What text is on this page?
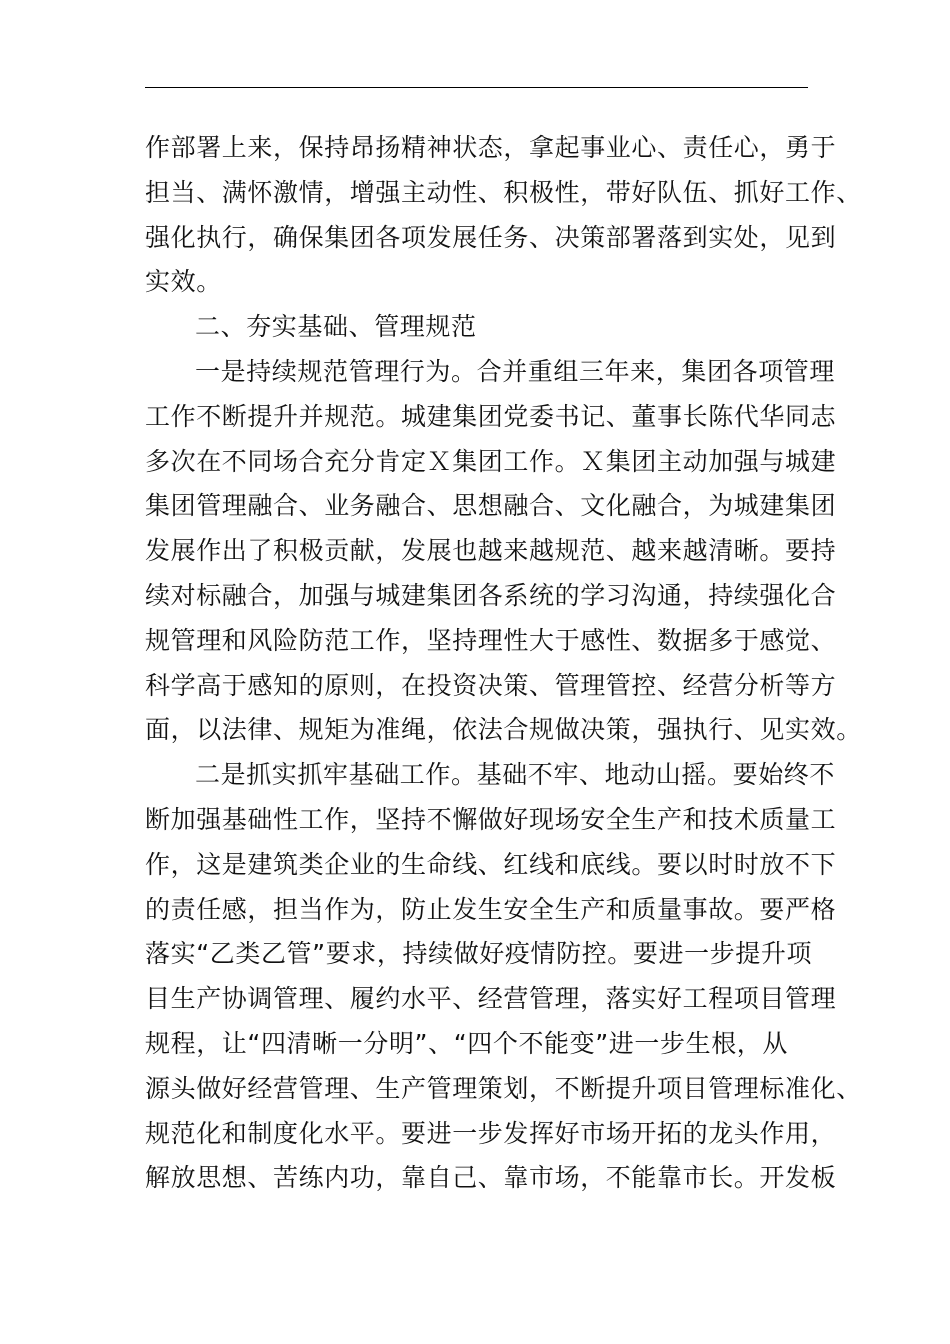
作部署上来，保持昂扬精神状态，拿起事业心、责任心，勇于
担当、满怀激情，增强主动性、积极性，带好队伍、抓好工作、
强化执行，确保集团各项发展任务、决策部署落到实处，见到
实效。
二、夯实基础、管理规范
一是持续规范管理行为。合并重组三年来，集团各项管理
工作不断提升并规范。城建集团党委书记、董事长陈代华同志
多次在不同场合充分肯定Ｘ集团工作。Ｘ集团主动加强与城建
集团管理融合、业务融合、思想融合、文化融合，为城建集团
发展作出了积极贡献，发展也越来越规范、越来越清晰。要持
续对标融合，加强与城建集团各系统的学习沟通，持续强化合
规管理和风险防范工作，坚持理性大于感性、数据多于感觉、
科学高于感知的原则，在投资决策、管理管控、经营分析等方
面，以法律、规矩为准绳，依法合规做决策，强执行、见实效。
二是抓实抓牢基础工作。基础不牢、地动山摇。要始终不
断加强基础性工作，坚持不懈做好现场安全生产和技术质量工
作，这是建筑类企业的生命线、红线和底线。要以时时放不下
的责任感，担当作为，防止发生安全生产和质量事故。要严格
落实“乙类乙管”要求，持续做好疫情防控。要进一步提升项
目生产协调管理、履约水平、经营管理，落实好工程项目管理
规程，让“四清晰一分明”、“四个不能变”进一步生根，从
源头做好经营管理、生产管理策划，不断提升项目管理标准化、
规范化和制度化水平。要进一步发挥好市场开拓的龙头作用，
解放思想、苦练内功，靠自己、靠市场，不能靠市长。开发板
